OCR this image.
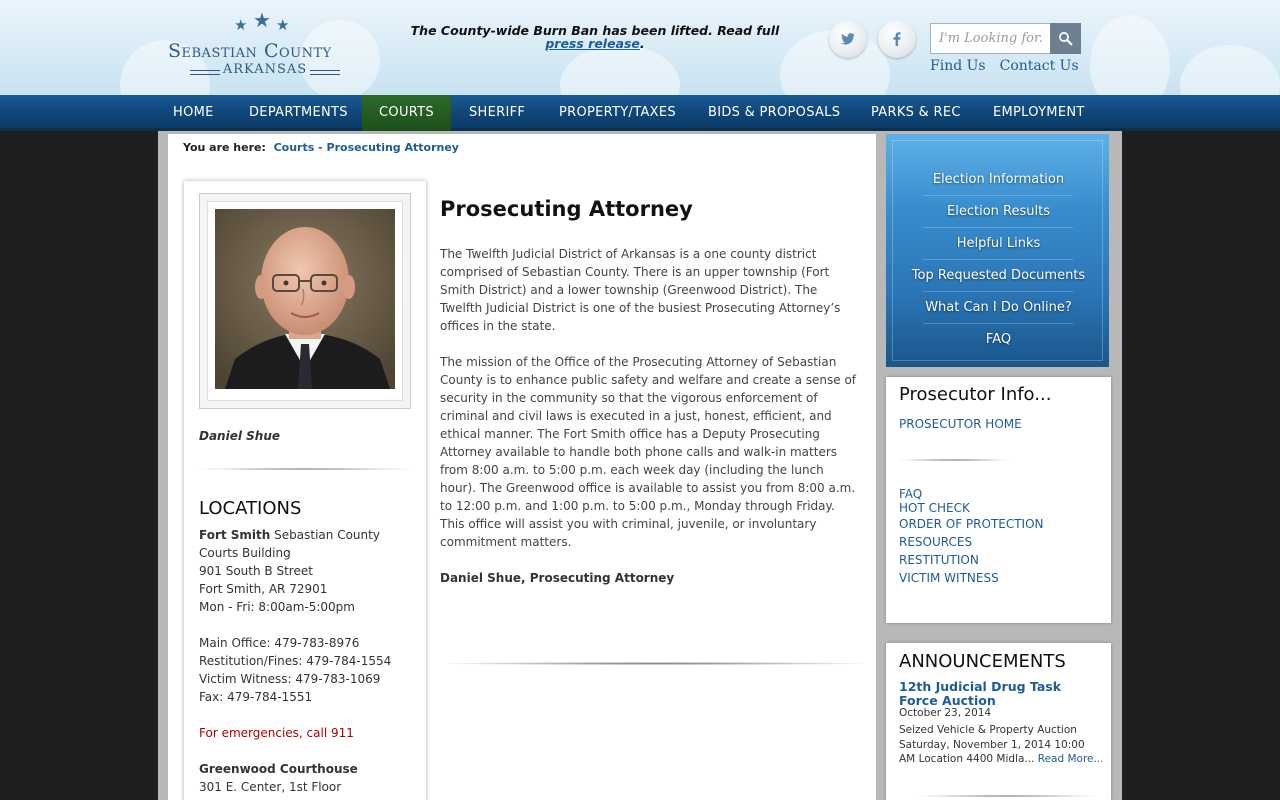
★ ★ ★
Sebastian County
ARKANSAS
The County-wide Burn Ban has been lifted. Read full press release.
I'm Looking for...
Find Us Contact Us
HOME	DEPARTMENTS	COURTS	SHERIFF	PROPERTY/TAXES	BIDS & PROPOSALS	PARKS & REC	EMPLOYMENT
You are here: Courts - Prosecuting Attorney
Daniel Shue
LOCATIONS
Fort Smith Sebastian County Courts Building
901 South B Street
Fort Smith, AR 72901
Mon - Fri: 8:00am-5:00pm
Main Office: 479-783-8976
Restitution/Fines: 479-784-1554
Victim Witness: 479-783-1069
Fax: 479-784-1551
For emergencies, call 911
Greenwood Courthouse
301 E. Center, 1st Floor
Prosecuting Attorney

The Twelfth Judicial District of Arkansas is a one county district comprised of Sebastian County. There is an upper township (Fort Smith District) and a lower township (Greenwood District). The Twelfth Judicial District is one of the busiest Prosecuting Attorney’s offices in the state.

The mission of the Office of the Prosecuting Attorney of Sebastian County is to enhance public safety and welfare and create a sense of security in the community so that the vigorous enforcement of criminal and civil laws is executed in a just, honest, efficient, and ethical manner. The Fort Smith office has a Deputy Prosecuting Attorney available to handle both phone calls and walk-in matters from 8:00 a.m. to 5:00 p.m. each week day (including the lunch hour). The Greenwood office is available to assist you from 8:00 a.m. to 12:00 p.m. and 1:00 p.m. to 5:00 p.m., Monday through Friday. This office will assist you with criminal, juvenile, or involuntary commitment matters.

Daniel Shue, Prosecuting Attorney

Election Information
Election Results
Helpful Links
Top Requested Documents
What Can I Do Online?
FAQ
Prosecutor Info...
PROSECUTOR HOME
FAQ
HOT CHECK
ORDER OF PROTECTION
RESOURCES
RESTITUTION
VICTIM WITNESS
ANNOUNCEMENTS
12th Judicial Drug Task Force Auction
October 23, 2014
Seized Vehicle & Property Auction Saturday, November 1, 2014 10:00 AM Location 4400 Midla... Read More...
